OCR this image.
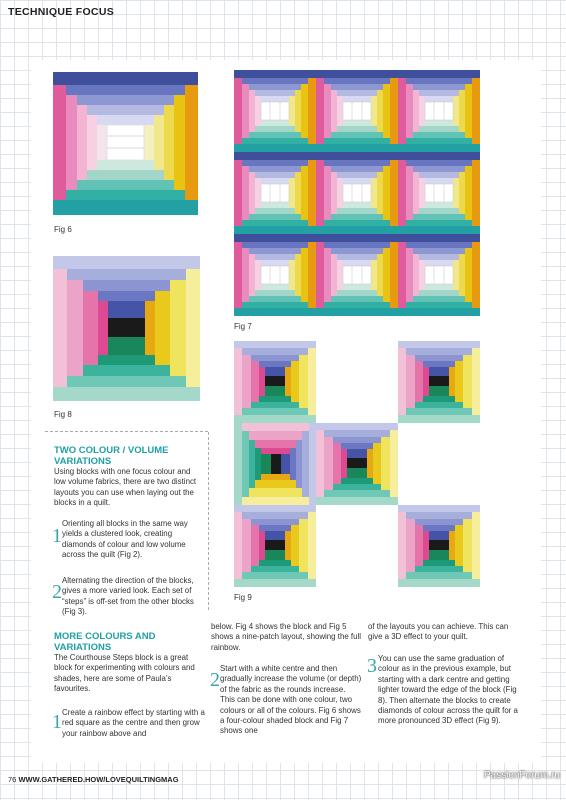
TECHNIQUE FOCUS
Fig 6
Fig 7
Fig 8
Fig 9
TWO COLOUR / VOLUME VARIATIONS
Using blocks with one focus colour and low volume fabrics, there are two distinct layouts you can use when laying out the blocks in a quilt.
1
Orienting all blocks in the same way yields a clustered look, creating diamonds of colour and low volume across the quilt (Fig 2).
2
Alternating the direction of the blocks, gives a more varied look. Each set of “steps” is off-set from the other blocks (Fig 3).
MORE COLOURS AND VARIATIONS
The Courthouse Steps block is a great block for experimenting with colours and shades, here are some of Paula’s favourites.
1 Create a rainbow effect by starting with a red square as the centre and then grow your rainbow above and
below. Fig 4 shows the block and Fig 5 shows a nine-patch layout, showing the full rainbow.
2
Start with a white centre and then gradually increase the volume (or depth) of the fabric as the rounds increase. This can be done with one colour, two colours or all of the colours. Fig 6 shows a four-colour shaded block and Fig 7 shows one
of the layouts you can achieve. This can give a 3D effect to your quilt.
3 You can use the same graduation of colour as in the previous example, but starting with a dark centre and getting lighter toward the edge of the block (Fig 8). Then alternate the blocks to create diamonds of colour across the quilt for a more pronounced 3D effect (Fig 9).
76 WWW.GATHERED.HOW/LOVEQUILTINGMAG	PassionForum.ru
